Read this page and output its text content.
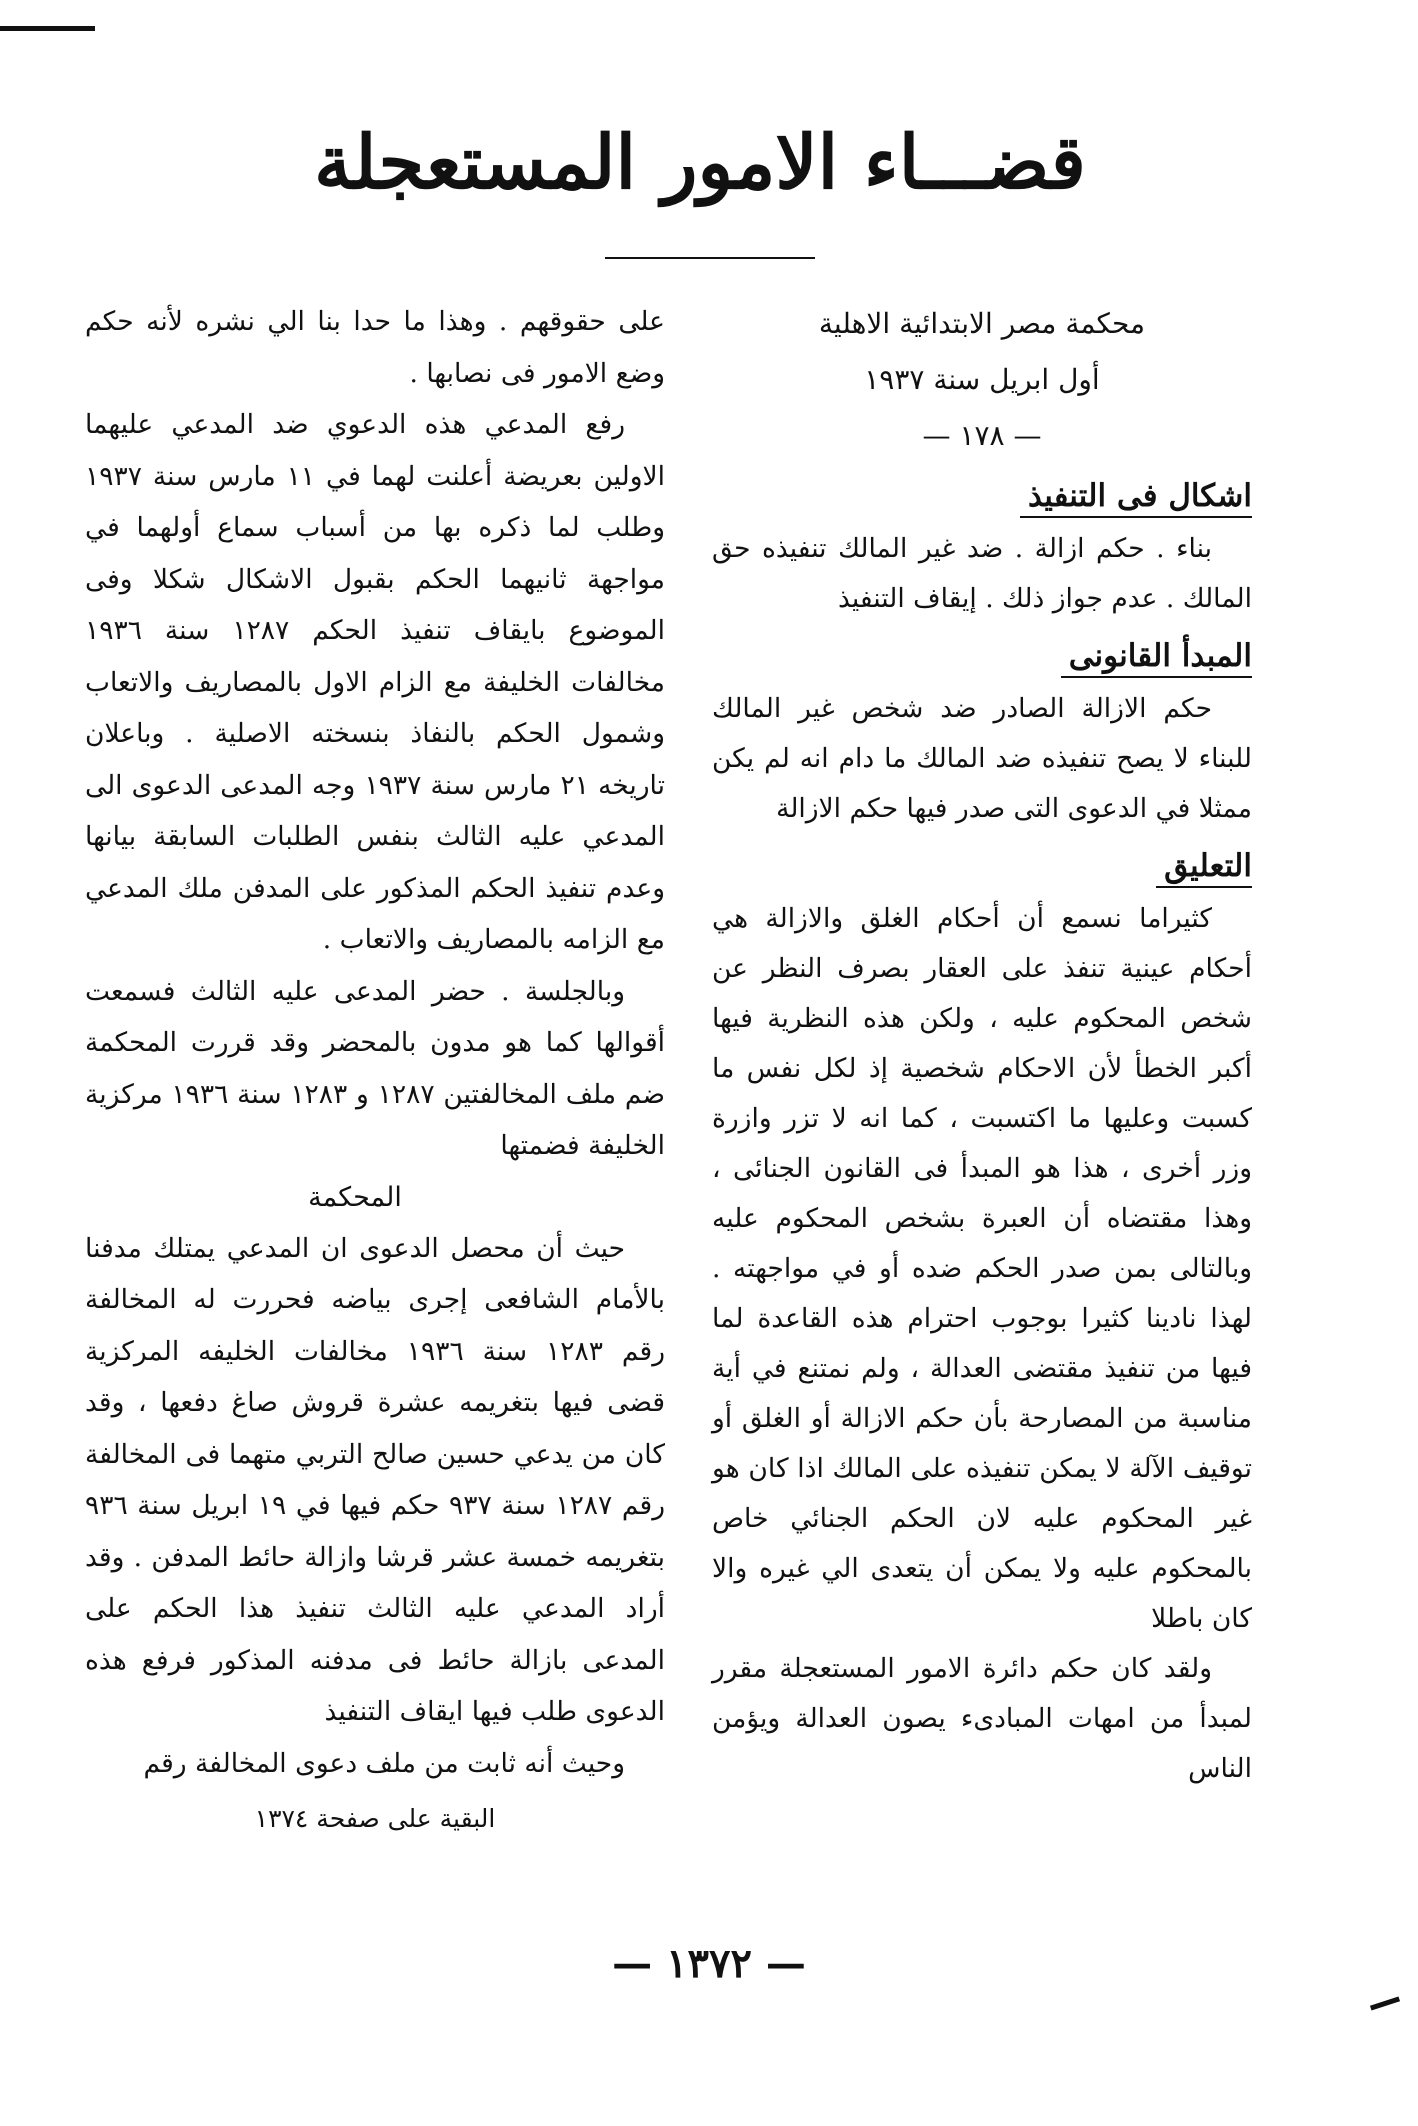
قضـــاء الامور المستعجلة

محكمة مصر الابتدائية الاهلية

أول ابريل سنة ١٩٣٧

— ١٧٨ —

اشكال فى التنفيذ

بناء . حكم ازالة . ضد غير المالك تنفيذه حق المالك . عدم جواز ذلك . إيقاف التنفيذ

المبدأ القانونى

حكم الازالة الصادر ضد شخص غير المالك للبناء لا يصح تنفيذه ضد المالك ما دام انه لم يكن ممثلا في الدعوى التى صدر فيها حكم الازالة

التعليق

كثيراما نسمع أن أحكام الغلق والازالة هي أحكام عينية تنفذ على العقار بصرف النظر عن شخص المحكوم عليه ، ولكن هذه النظرية فيها أكبر الخطأ لأن الاحكام شخصية إذ لكل نفس ما كسبت وعليها ما اكتسبت ، كما انه لا تزر وازرة وزر أخرى ، هذا هو المبدأ فى القانون الجنائى ، وهذا مقتضاه أن العبرة بشخص المحكوم عليه وبالتالى بمن صدر الحكم ضده أو في مواجهته . لهذا نادينا كثيرا بوجوب احترام هذه القاعدة لما فيها من تنفيذ مقتضى العدالة ، ولم نمتنع في أية مناسبة من المصارحة بأن حكم الازالة أو الغلق أو توقيف الآلة لا يمكن تنفيذه على المالك اذا كان هو غير المحكوم عليه لان الحكم الجنائي خاص بالمحكوم عليه ولا يمكن أن يتعدى الي غيره والا كان باطلا

ولقد كان حكم دائرة الامور المستعجلة مقرر لمبدأ من امهات المبادىء يصون العدالة ويؤمن الناس

على حقوقهم . وهذا ما حدا بنا الي نشره لأنه حكم وضع الامور فى نصابها .

رفع المدعي هذه الدعوي ضد المدعي عليهما الاولين بعريضة أعلنت لهما في ١١ مارس سنة ١٩٣٧ وطلب لما ذكره بها من أسباب سماع أولهما في مواجهة ثانيهما الحكم بقبول الاشكال شكلا وفى الموضوع بايقاف تنفيذ الحكم ١٢٨٧ سنة ١٩٣٦ مخالفات الخليفة مع الزام الاول بالمصاريف والاتعاب وشمول الحكم بالنفاذ بنسخته الاصلية . وباعلان تاريخه ٢١ مارس سنة ١٩٣٧ وجه المدعى الدعوى الى المدعي عليه الثالث بنفس الطلبات السابقة بيانها وعدم تنفيذ الحكم المذكور على المدفن ملك المدعي مع الزامه بالمصاريف والاتعاب .

وبالجلسة . حضر المدعى عليه الثالث فسمعت أقوالها كما هو مدون بالمحضر وقد قررت المحكمة ضم ملف المخالفتين ١٢٨٧ و ١٢٨٣ سنة ١٩٣٦ مركزية الخليفة فضمتها

المحكمة

حيث أن محصل الدعوى ان المدعي يمتلك مدفنا بالأمام الشافعى إجرى بياضه فحررت له المخالفة رقم ١٢٨٣ سنة ١٩٣٦ مخالفات الخليفه المركزية قضى فيها بتغريمه عشرة قروش صاغ دفعها ، وقد كان من يدعي حسين صالح التربي متهما فى المخالفة رقم ١٢٨٧ سنة ٩٣٧ حكم فيها في ١٩ ابريل سنة ٩٣٦ بتغريمه خمسة عشر قرشا وازالة حائط المدفن . وقد أراد المدعي عليه الثالث تنفيذ هذا الحكم على المدعى بازالة حائط فى مدفنه المذكور فرفع هذه الدعوى طلب فيها ايقاف التنفيذ

وحيث أنه ثابت من ملف دعوى المخالفة رقم

البقية على صفحة ١٣٧٤

— ١٣٧٢ —
